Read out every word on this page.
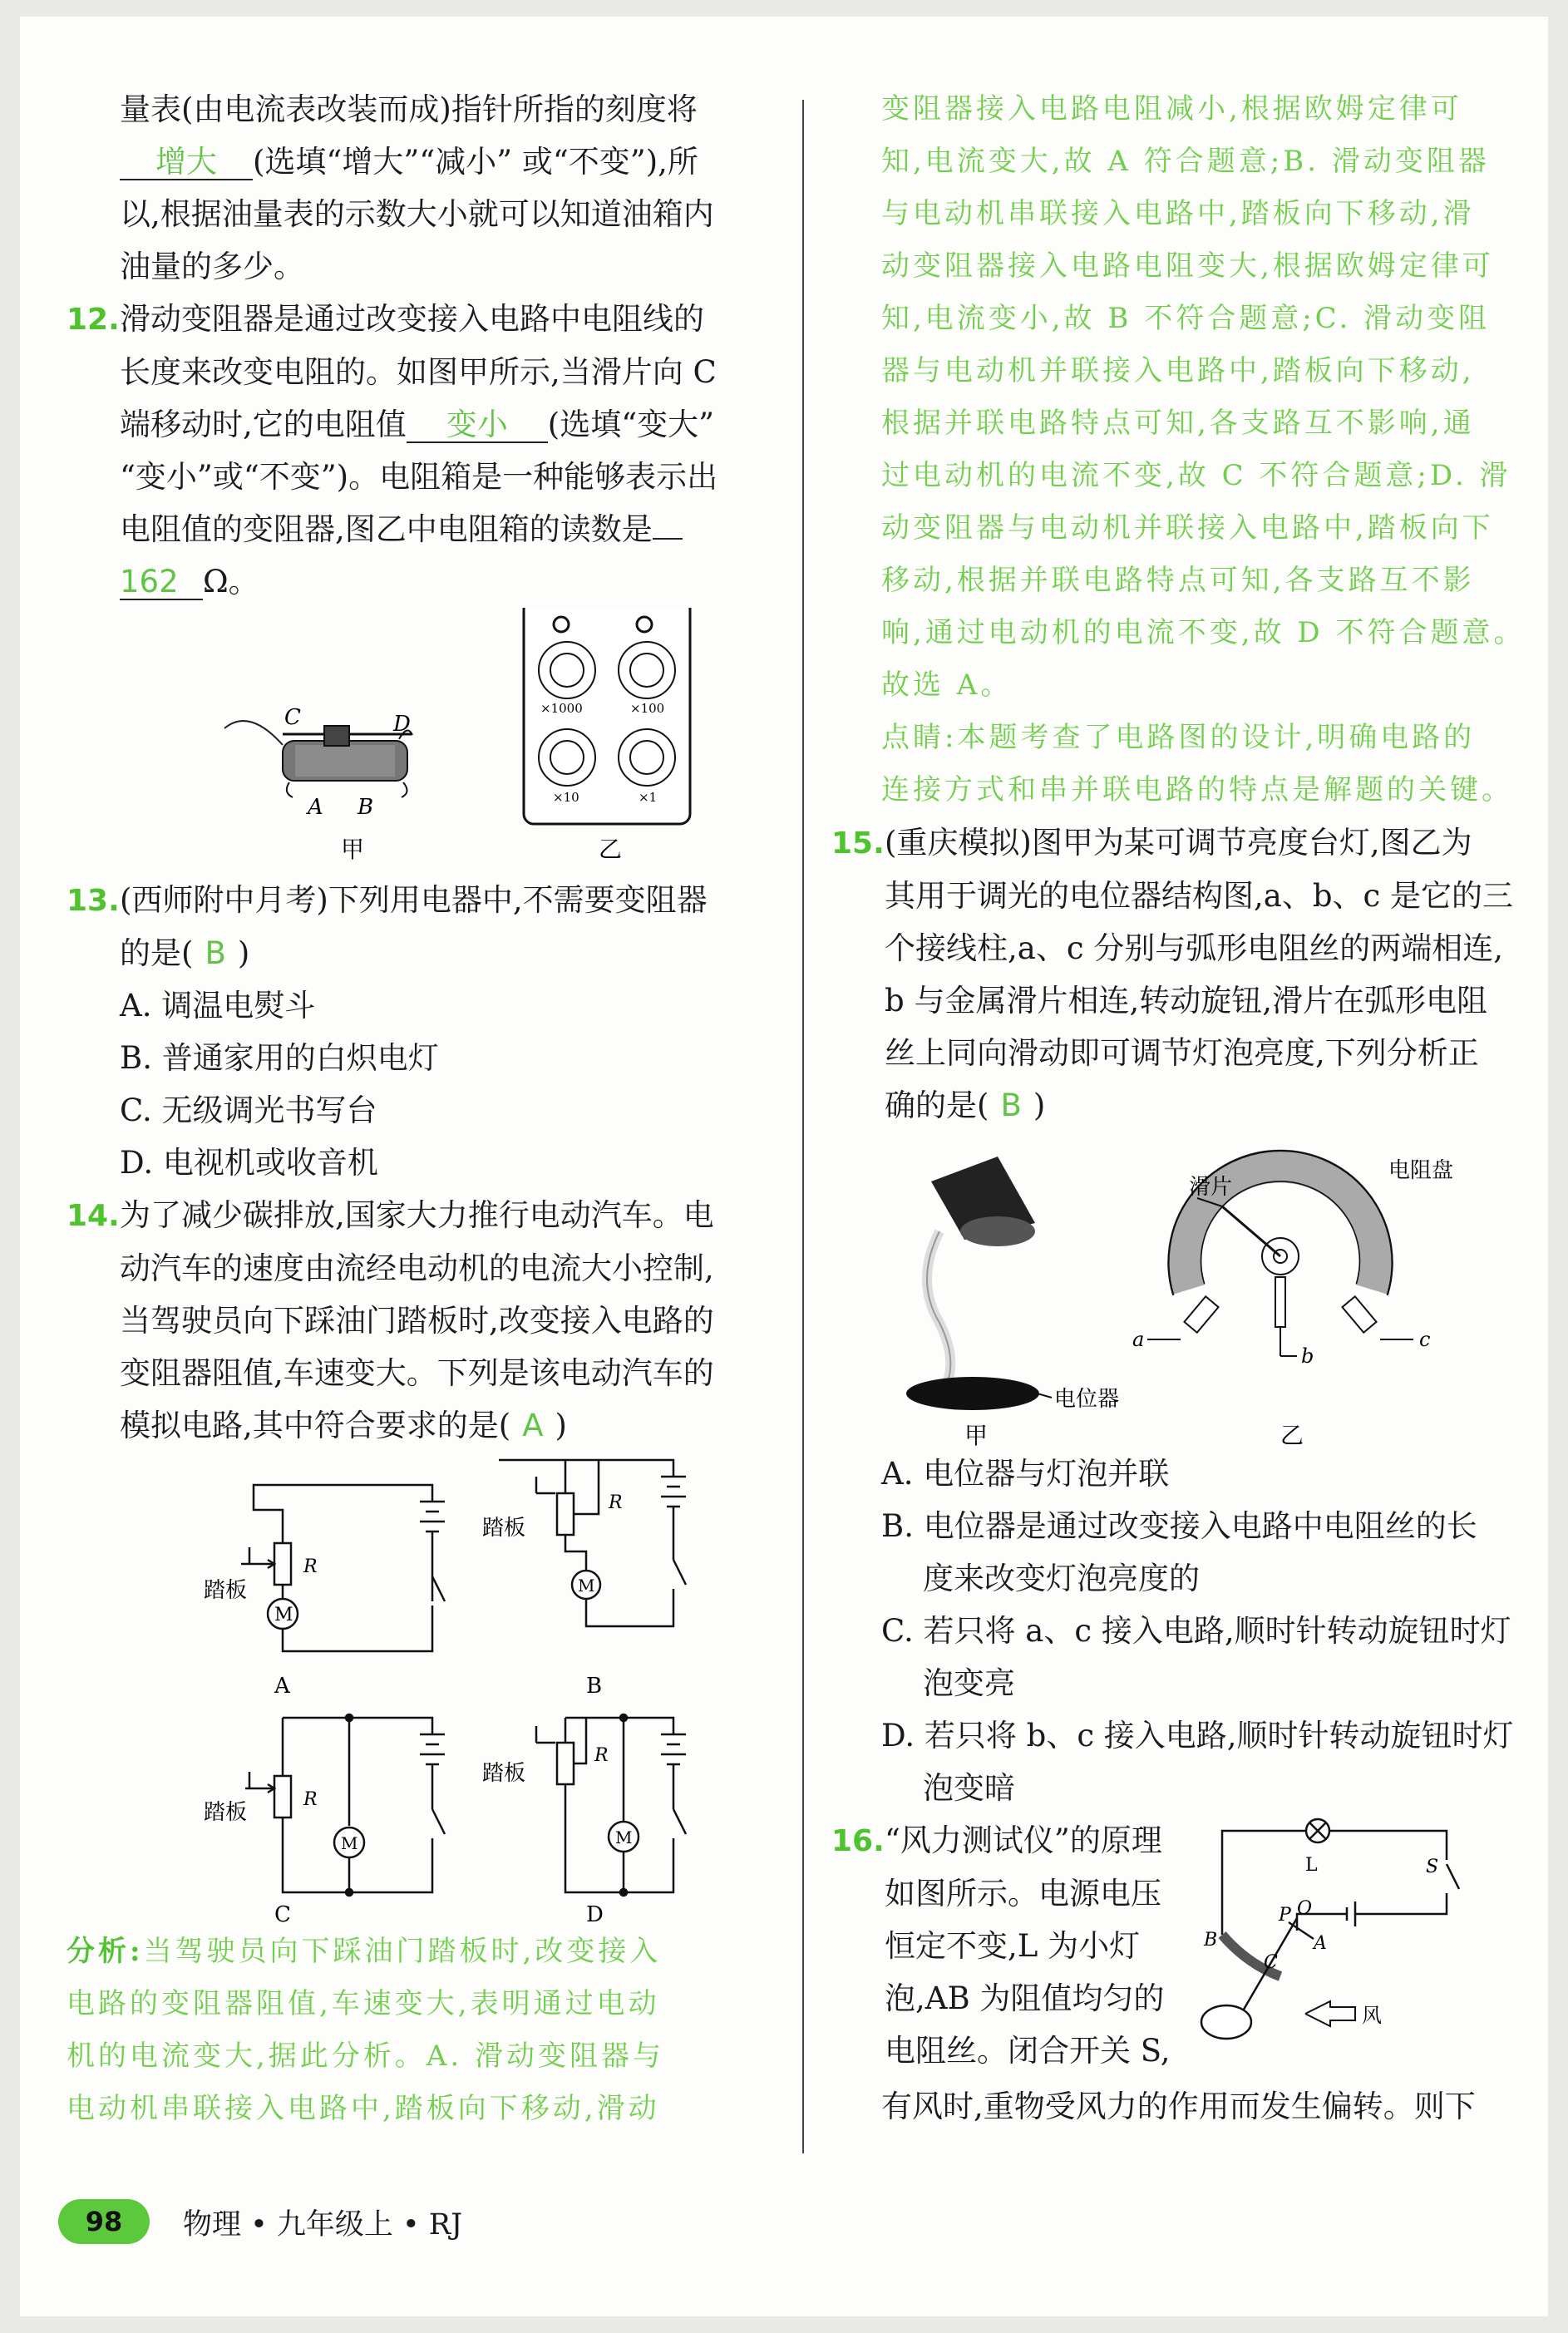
量表(由电流表改装而成)指针所指的刻度将

增大 (选填“增大”“减小” 或“不变”),所

以,根据油量表的示数大小就可以知道油箱内

油量的多少。

12.滑动变阻器是通过改变接入电路中电阻线的

长度来改变电阻的。如图甲所示,当滑片向 C

端移动时,它的电阻值 变小 (选填“变大”

“变小”或“不变”)。电阻箱是一种能够表示出

电阻值的变阻器,图乙中电阻箱的读数是

162 Ω。

C	D
A B
甲
×1000	×100
×10	×1
乙

13.(西师附中月考)下列用电器中,不需要变阻器

的是( B )

A. 调温电熨斗

B. 普通家用的白炽电灯

C. 无级调光书写台

D. 电视机或收音机

14.为了减少碳排放,国家大力推行电动汽车。电

动汽车的速度由流经电动机的电流大小控制,

当驾驶员向下踩油门踏板时,改变接入电路的

变阻器阻值,车速变大。下列是该电动汽车的

模拟电路,其中符合要求的是( A )

M
R
踏板
A
M
R
踏板
B
M
R
踏板
C
M
R
踏板
D

分析:当驾驶员向下踩油门踏板时,改变接入

电路的变阻器阻值,车速变大,表明通过电动

机的电流变大,据此分析。A. 滑动变阻器与

电动机串联接入电路中,踏板向下移动,滑动

变阻器接入电路电阻减小,根据欧姆定律可

知,电流变大,故 A 符合题意;B. 滑动变阻器

与电动机串联接入电路中,踏板向下移动,滑

动变阻器接入电路电阻变大,根据欧姆定律可

知,电流变小,故 B 不符合题意;C. 滑动变阻

器与电动机并联接入电路中,踏板向下移动,

根据并联电路特点可知,各支路互不影响,通

过电动机的电流不变,故 C 不符合题意;D. 滑

动变阻器与电动机并联接入电路中,踏板向下

移动,根据并联电路特点可知,各支路互不影

响,通过电动机的电流不变,故 D 不符合题意。

故选 A。

点睛:本题考查了电路图的设计,明确电路的

连接方式和串并联电路的特点是解题的关键。

15.(重庆模拟)图甲为某可调节亮度台灯,图乙为

其用于调光的电位器结构图,a、b、c 是它的三

个接线柱,a、c 分别与弧形电阻丝的两端相连,

b 与金属滑片相连,转动旋钮,滑片在弧形电阻

丝上同向滑动即可调节灯泡亮度,下列分析正

确的是( B )

电位器
甲
滑片
电阻盘
a	c
b
乙

A. 电位器与灯泡并联

B. 电位器是通过改变接入电路中电阻丝的长

度来改变灯泡亮度的

C. 若只将 a、c 接入电路,顺时针转动旋钮时灯

泡变亮

D. 若只将 b、c 接入电路,顺时针转动旋钮时灯

泡变暗

16.“风力测试仪”的原理

如图所示。电源电压

恒定不变,L 为小灯

泡,AB 为阻值均匀的

电阻丝。闭合开关 S,

L	S
B
P O
A
C
风

有风时,重物受风力的作用而发生偏转。则下

98	物理 • 九年级上 • RJ
